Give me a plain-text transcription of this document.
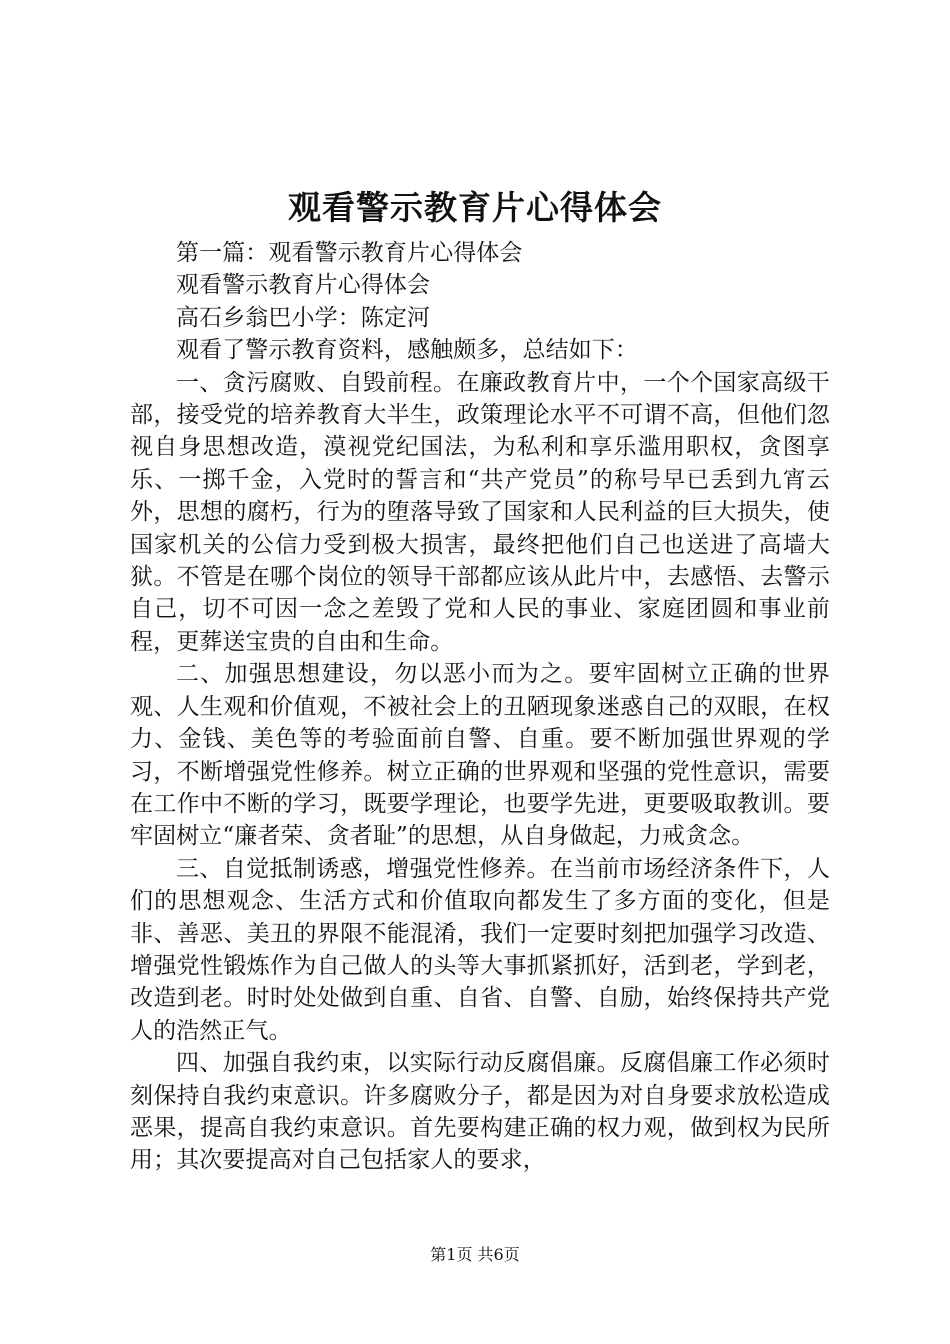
观看警示教育片心得体会

第一篇：观看警示教育片心得体会

观看警示教育片心得体会

高石乡翁巴小学：陈定河

观看了警示教育资料，感触颇多，总结如下：

一、贪污腐败、自毁前程。在廉政教育片中，一个个国家高级干部，接受党的培养教育大半生，政策理论水平不可谓不高，但他们忽视自身思想改造，漠视党纪国法，为私利和享乐滥用职权，贪图享乐、一掷千金，入党时的誓言和“共产党员”的称号早已丢到九宵云外，思想的腐朽，行为的堕落导致了国家和人民利益的巨大损失，使国家机关的公信力受到极大损害，最终把他们自己也送进了高墙大狱。不管是在哪个岗位的领导干部都应该从此片中，去感悟、去警示自己，切不可因一念之差毁了党和人民的事业、家庭团圆和事业前程，更葬送宝贵的自由和生命。

二、加强思想建设，勿以恶小而为之。要牢固树立正确的世界观、人生观和价值观，不被社会上的丑陋现象迷惑自己的双眼，在权力、金钱、美色等的考验面前自警、自重。要不断加强世界观的学习，不断增强党性修养。树立正确的世界观和坚强的党性意识，需要在工作中不断的学习，既要学理论，也要学先进，更要吸取教训。要牢固树立“廉者荣、贪者耻”的思想，从自身做起，力戒贪念。

三、自觉抵制诱惑，增强党性修养。在当前市场经济条件下，人们的思想观念、生活方式和价值取向都发生了多方面的变化，但是非、善恶、美丑的界限不能混淆，我们一定要时刻把加强学习改造、增强党性锻炼作为自己做人的头等大事抓紧抓好，活到老，学到老，改造到老。时时处处做到自重、自省、自警、自励，始终保持共产党人的浩然正气。

四、加强自我约束，以实际行动反腐倡廉。反腐倡廉工作必须时刻保持自我约束意识。许多腐败分子，都是因为对自身要求放松造成恶果，提高自我约束意识。首先要构建正确的权力观，做到权为民所用；其次要提高对自己包括家人的要求，

第1页 共6页
